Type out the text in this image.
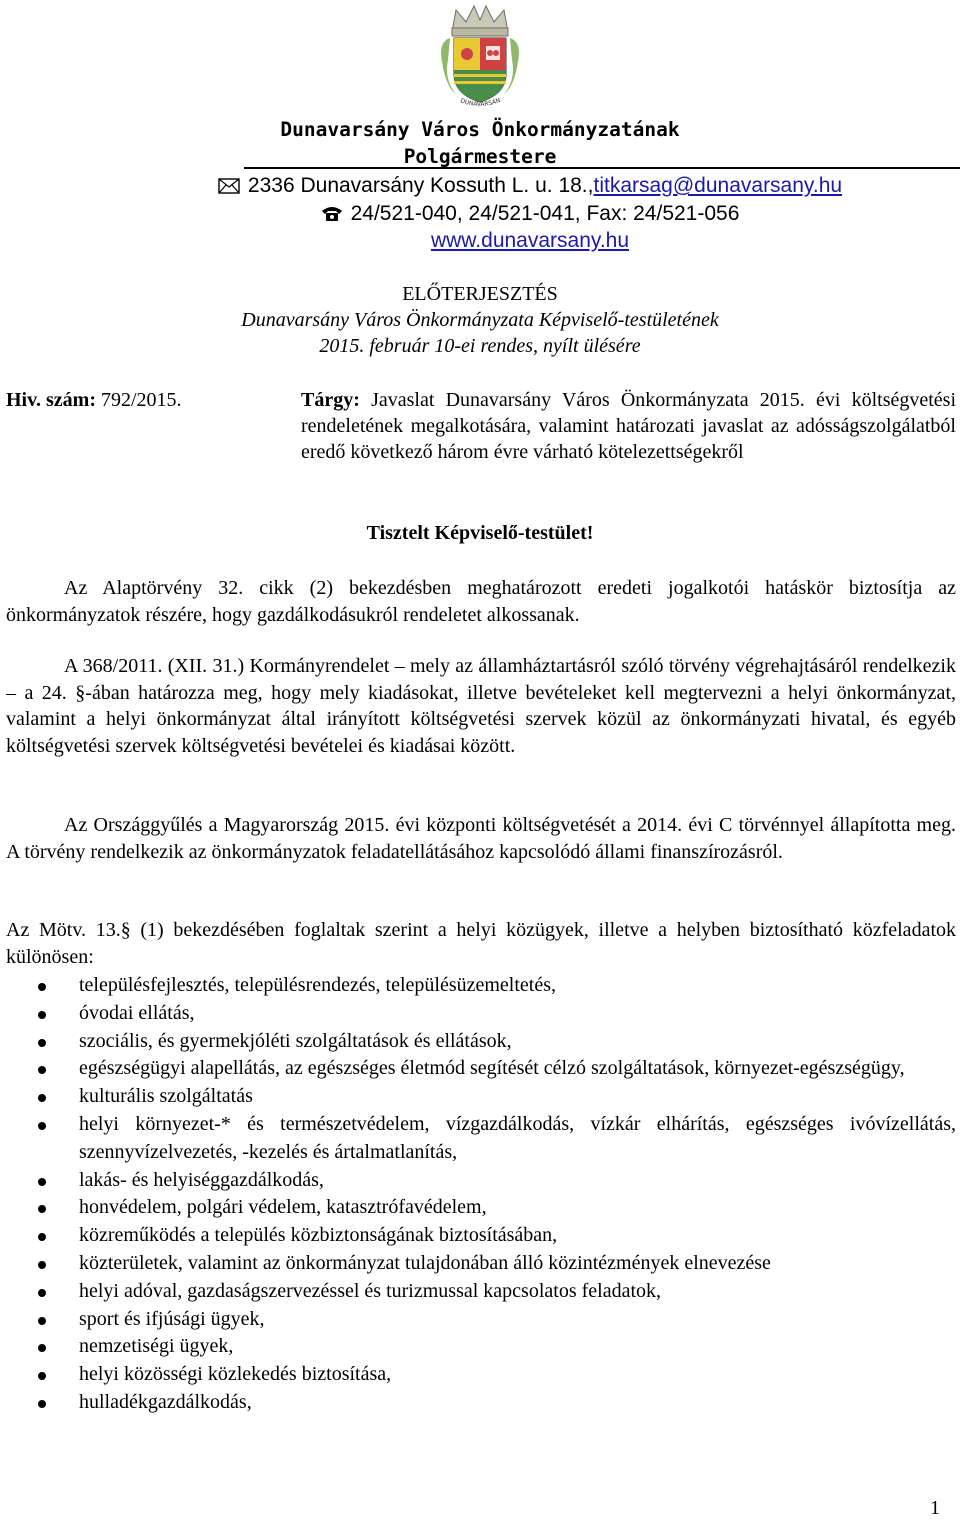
DUNAVARSÁN
Dunavarsány Város Önkormányzatának
Polgármestere
2336 Dunavarsány Kossuth L. u. 18.,titkarsag@dunavarsany.hu
24/521-040, 24/521-041, Fax: 24/521-056
www.dunavarsany.hu
ELŐTERJESZTÉS
Dunavarsány Város Önkormányzata Képviselő-testületének
2015. február 10-ei rendes, nyílt ülésére
Hiv. szám: 792/2015.	Tárgy: Javaslat Dunavarsány Város Önkormányzata 2015. évi költségvetési rendeletének megalkotására, valamint határozati javaslat az adósságszolgálatból eredő következő három évre várható kötelezettségekről
Tisztelt Képviselő-testület!
Az Alaptörvény 32. cikk (2) bekezdésben meghatározott eredeti jogalkotói hatáskör biztosítja az önkormányzatok részére, hogy gazdálkodásukról rendeletet alkossanak.
A 368/2011. (XII. 31.) Kormányrendelet – mely az államháztartásról szóló törvény végrehajtásáról rendelkezik – a 24. §-ában határozza meg, hogy mely kiadásokat, illetve bevételeket kell megtervezni a helyi önkormányzat, valamint a helyi önkormányzat által irányított költségvetési szervek közül az önkormányzati hivatal, és egyéb költségvetési szervek költségvetési bevételei és kiadásai között.
Az Országgyűlés a Magyarország 2015. évi központi költségvetését a 2014. évi C törvénnyel állapította meg. A törvény rendelkezik az önkormányzatok feladatellátásához kapcsolódó állami finanszírozásról.
Az Mötv. 13.§ (1) bekezdésében foglaltak szerint a helyi közügyek, illetve a helyben biztosítható közfeladatok különösen:
településfejlesztés, településrendezés, településüzemeltetés,
óvodai ellátás,
szociális, és gyermekjóléti szolgáltatások és ellátások,
egészségügyi alapellátás, az egészséges életmód segítését célzó szolgáltatások, környezet-egészségügy,
kulturális szolgáltatás
helyi környezet-* és természetvédelem, vízgazdálkodás, vízkár elhárítás, egészséges ivóvízellátás, szennyvízelvezetés, -kezelés és ártalmatlanítás,
lakás- és helyiséggazdálkodás,
honvédelem, polgári védelem, katasztrófavédelem,
közreműködés a település közbiztonságának biztosításában,
közterületek, valamint az önkormányzat tulajdonában álló közintézmények elnevezése
helyi adóval, gazdaságszervezéssel és turizmussal kapcsolatos feladatok,
sport és ifjúsági ügyek,
nemzetiségi ügyek,
helyi közösségi közlekedés biztosítása,
hulladékgazdálkodás,
1
